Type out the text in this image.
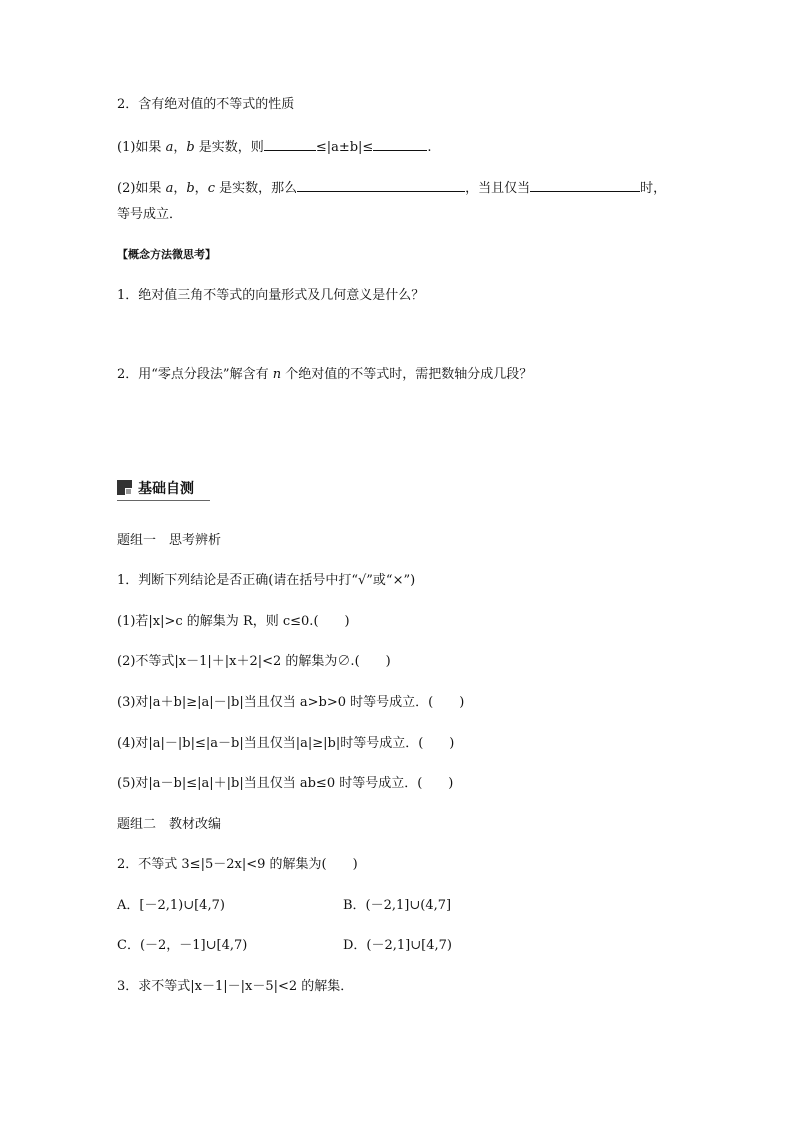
2．含有绝对值的不等式的性质
(1)如果 a，b 是实数，则	≤|a±b|≤	.
(2)如果 a，b，c 是实数，那么	，当且仅当	时，
等号成立．
【概念方法微思考】
1．绝对值三角不等式的向量形式及几何意义是什么？
2．用“零点分段法”解含有 n 个绝对值的不等式时，需把数轴分成几段？
基础自测
题组一　思考辨析
1．判断下列结论是否正确(请在括号中打“√”或“×”)
(1)若|x|>c 的解集为 R，则 c≤0.(　　)
(2)不等式|x－1|＋|x＋2|<2 的解集为∅.(　　)
(3)对|a＋b|≥|a|－|b|当且仅当 a>b>0 时等号成立．(　　)
(4)对|a|－|b|≤|a－b|当且仅当|a|≥|b|时等号成立．(　　)
(5)对|a－b|≤|a|＋|b|当且仅当 ab≤0 时等号成立．(　　)
题组二　教材改编
2．不等式 3≤|5－2x|<9 的解集为(　　)
A．[－2,1)∪[4,7)	B．(－2,1]∪(4,7]
C．(－2，－1]∪[4,7)	D．(－2,1]∪[4,7)
3．求不等式|x－1|－|x－5|<2 的解集．
